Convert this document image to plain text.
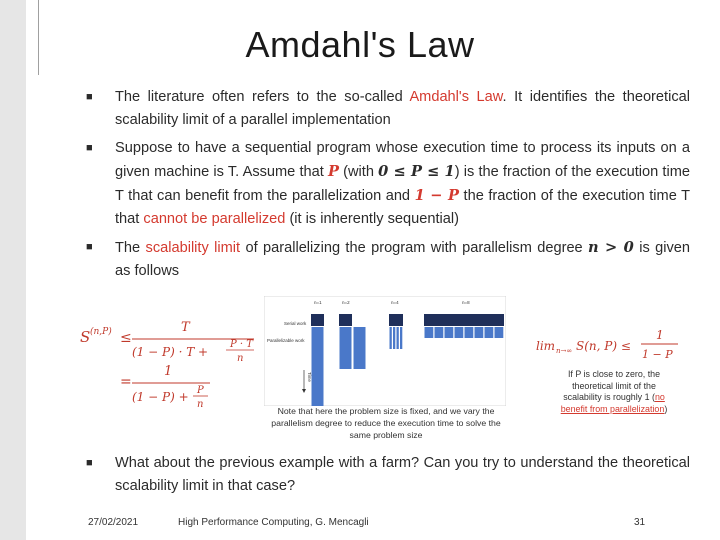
Amdahl's Law
■ The literature often refers to the so-called Amdahl's Law. It identifies the theoretical scalability limit of a parallel implementation
■ Suppose to have a sequential program whose execution time to process its inputs on a given machine is T. Assume that P (with 0 ≤ P ≤ 1) is the fraction of the execution time T that can benefit from the parallelization and 1 − P the fraction of the execution time T that cannot be parallelized (it is inherently sequential)
■ The scalability limit of parallelizing the program with parallelism degree n > 0 is given as follows
S (n,P) ≤
T
(1 − P) · T +
P · T
n
=
1
(1 − P) + P
n
n=1	n=2	n=4	n=8
Serial work
Parallelizable work
Time
Note that here the problem size is fixed, and we vary the parallelism degree to reduce the execution time to solve the same problem size
lim n→∞ S(n, P) ≤
1
1 − P
If P is close to zero, the theoretical limit of the scalability is roughly 1 (no benefit from parallelization)
■ What about the previous example with a farm? Can you try to understand the theoretical scalability limit in that case?
27/02/2021	High Performance Computing, G. Mencagli	31
